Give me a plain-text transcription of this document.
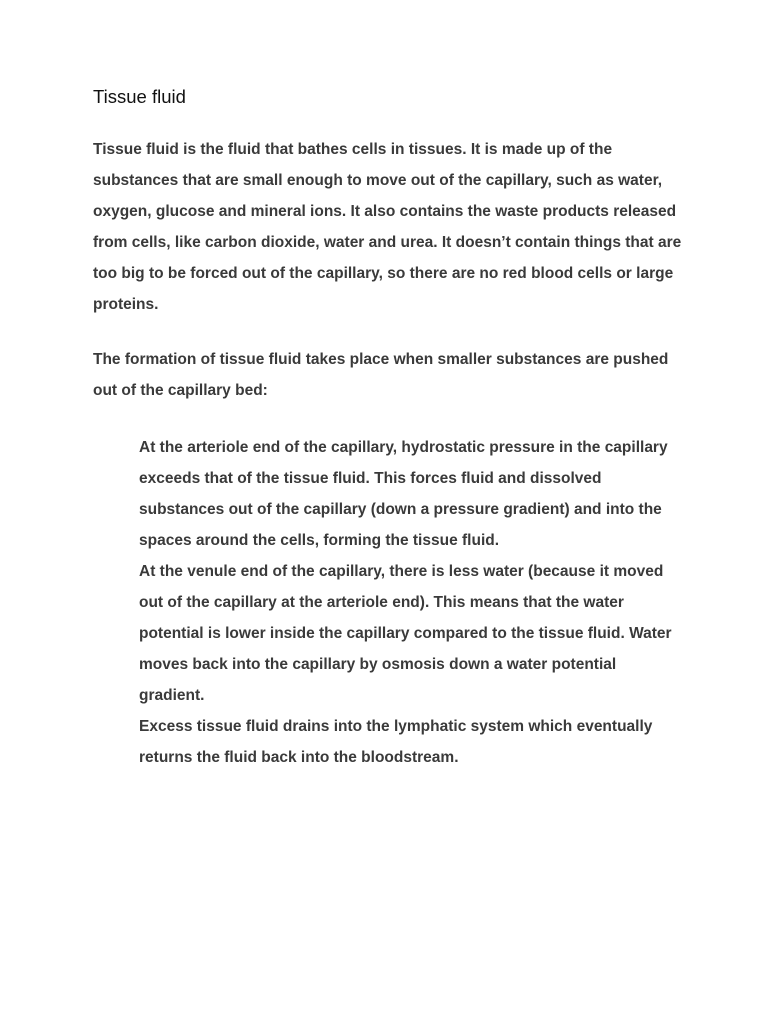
Tissue fluid

Tissue fluid is the fluid that bathes cells in tissues. It is made up of the substances that are small enough to move out of the capillary, such as water, oxygen, glucose and mineral ions. It also contains the waste products released from cells, like carbon dioxide, water and urea. It doesn’t contain things that are too big to be forced out of the capillary, so there are no red blood cells or large proteins.

The formation of tissue fluid takes place when smaller substances are pushed out of the capillary bed:

At the arteriole end of the capillary, hydrostatic pressure in the capillary exceeds that of the tissue fluid. This forces fluid and dissolved substances out of the capillary (down a pressure gradient) and into the spaces around the cells, forming the tissue fluid.
At the venule end of the capillary, there is less water (because it moved out of the capillary at the arteriole end). This means that the water potential is lower inside the capillary compared to the tissue fluid. Water moves back into the capillary by osmosis down a water potential gradient.
Excess tissue fluid drains into the lymphatic system which eventually returns the fluid back into the bloodstream.
